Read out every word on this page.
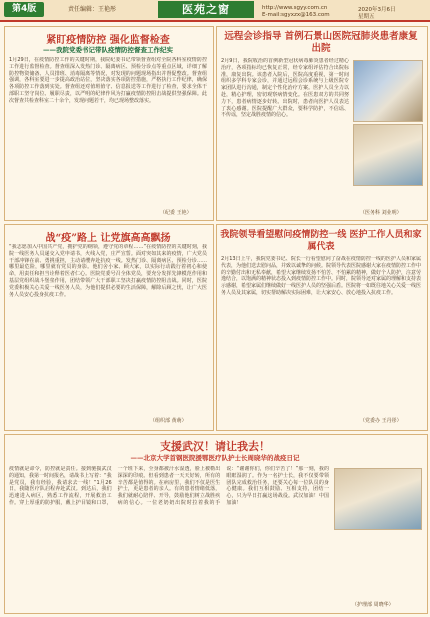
第4版	责任编辑：王艳彤	医苑之窗	http://www.sgyy.com.cn
E-mail:sgyxzx@163.com
2020年3月6日
星期五
紧盯疫情防控 强化监督检查
——我院党委书记带队疫情防控督查工作纪实
1月29日，在疫情防控工作的关键时期，我院纪委书记带领督查组对全院各科室疫情防控工作进行监督检查。督查组深入发热门诊、隔离病区、预检分诊点等重点区域，详细了解防控物资储备、人员排班、消毒隔离等情况，对发现的问题现场指出并督促整改。督查组强调，各科室要进一步提高政治站位，坚决落实各项防控措施，严格执行工作纪律，确保各项防控工作落到实处。督查组还对值班值守、信息报送等工作进行了检查，要求全体干部职工坚守岗位、履职尽责，以严明的纪律作风为打赢疫情防控阻击战提供坚强保障。此次督查共检查科室二十余个，发现问题若干，均已现场整改落实。
（纪委 王艳）
远程会诊指导 首例石景山医院冠肺炎患者康复出院
2月9日，我院收治的首例新型冠状病毒肺炎患者经过精心治疗，各项指标均已恢复正常，经专家组评估符合出院标准，康复出院。该患者入院后，医院高度重视，第一时间组织多学科专家会诊，并通过远程会诊系统与上级医院专家团队进行沟通，制定个性化治疗方案。医护人员全力以赴，精心护理，密切观察病情变化。在医患双方的共同努力下，患者病情逐步好转。出院时，患者向医护人员表达了衷心感谢。医院提醒广大群众，要科学防护，不信谣、不传谣，坚定战胜疫情的信心。
（医务科 刘业明）
战“疫”路上 让党旗高高飘扬
“我志愿加入中国共产党，拥护党的纲领，遵守党的章程……”在疫情防控的关键时刻，我院一线医务人员递交入党申请书，火线入党，庄严宣誓。面对突如其来的疫情，广大党员干部冲锋在前、勇挑重担，主动请缨奔赴抗疫一线。发热门诊、隔离病区、预检分诊……哪里最危险，哪里就有党员的身影。他们舍小家、顾大家，以实际行动践行着初心和使命，用责任和担当诠释着医者仁心。医院党委号召全体党员，要充分发挥先锋模范作用和基层党组织战斗堡垒作用，团结带领广大干部职工坚决打赢疫情防控阻击战。同时，医院党委积极关心关爱一线医务人员，为他们提供必要的生活保障，解除后顾之忧，让广大医务人员安心投身抗疫工作。
（组织部 黄萌）
我院领导看望慰问疫情防控一线 医护工作人员和家属代表
2月13日上午，我院党委书记、院长一行看望慰问了奋战在疫情防控一线的医护人员和家属代表，为他们送去慰问品，并致以诚挚的问候。院领导代表医院感谢大家在疫情防控工作中的辛勤付出和无私奉献，希望大家继续发扬不怕苦、不怕累的精神，做好个人防护，注意劳逸结合，以饱满的精神状态投入到疫情防控工作中。同时，院领导还对家属的理解和支持表示感谢，希望家属们继续做好一线医护人员的坚强后盾。医院将一如既往地关心关爱一线医务人员及其家属，切实帮助解决实际困难，让大家安心、放心地投入抗疫工作。
（党委办 王丹彤）
支援武汉！请让我去！
——北京大学首钢医院援鄂医疗队护士长周晓华的战疫日记
疫情就是命令，防控就是责任。接到驰援武汉的通知，我第一时间报名，请战书上写着：“我是党员，我有经验，我请求去一线！”1月26日，我随医疗队启程奔赴武汉。到达后，我们迅速进入病区，熟悉工作流程，开展救治工作。穿上厚重的防护服，戴上护目镜和口罩，一个班下来，全身都被汗水湿透，脸上被勒出深深的印痕。但看到患者一天天好转，所有的辛苦都是值得的。在病房里，我们不仅是医生护士，更是患者的亲人。有的患者情绪低落，我们就耐心陪伴、开导，鼓励他们树立战胜疾病的信心。一位老奶奶出院时拉着我的手说：“谢谢你们，你们辛苦了！”那一刻，我的眼眶湿润了。作为一名护士长，我不仅要带领团队完成救治任务，还要关心每一位队员的身心健康。我们互相鼓励、互相支持，团结一心，只为早日打赢这场战役。武汉加油！中国加油！
（护理部 周晓华）
